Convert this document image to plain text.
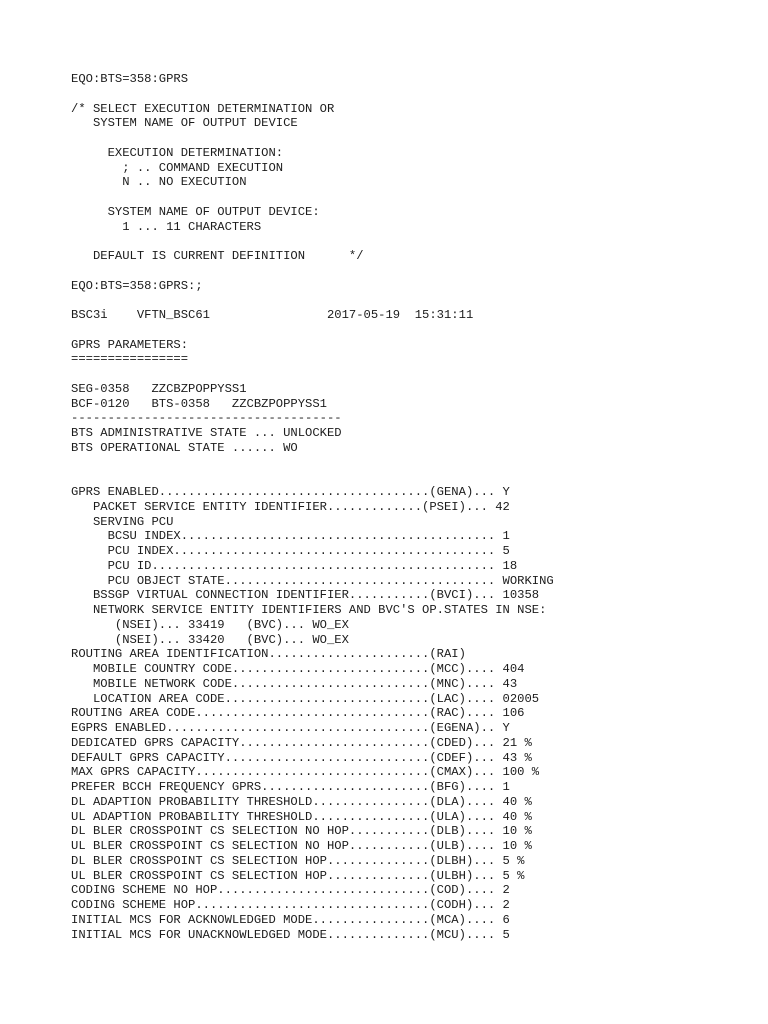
EQO:BTS=358:GPRS
/* SELECT EXECUTION DETERMINATION OR
SYSTEM NAME OF OUTPUT DEVICE
EXECUTION DETERMINATION:
; .. COMMAND EXECUTION
N .. NO EXECUTION
SYSTEM NAME OF OUTPUT DEVICE:
1 ... 11 CHARACTERS
DEFAULT IS CURRENT DEFINITION      */
EQO:BTS=358:GPRS:;
BSC3i    VFTN_BSC61                2017-05-19  15:31:11
GPRS PARAMETERS:
================
SEG-0358   ZZCBZPOPPYSS1
BCF-0120   BTS-0358   ZZCBZPOPPYSS1
-------------------------------------
BTS ADMINISTRATIVE STATE ... UNLOCKED
BTS OPERATIONAL STATE ...... WO
GPRS ENABLED.....................................(GENA)... Y
PACKET SERVICE ENTITY IDENTIFIER.............(PSEI)... 42
SERVING PCU
BCSU INDEX........................................... 1
PCU INDEX............................................ 5
PCU ID............................................... 18
PCU OBJECT STATE..................................... WORKING
BSSGP VIRTUAL CONNECTION IDENTIFIER...........(BVCI)... 10358
NETWORK SERVICE ENTITY IDENTIFIERS AND BVC'S OP.STATES IN NSE:
(NSEI)... 33419   (BVC)... WO_EX
(NSEI)... 33420   (BVC)... WO_EX
ROUTING AREA IDENTIFICATION......................(RAI)
MOBILE COUNTRY CODE...........................(MCC).... 404
MOBILE NETWORK CODE...........................(MNC).... 43
LOCATION AREA CODE............................(LAC).... 02005
ROUTING AREA CODE................................(RAC).... 106
EGPRS ENABLED....................................(EGENA).. Y
DEDICATED GPRS CAPACITY..........................(CDED)... 21 %
DEFAULT GPRS CAPACITY............................(CDEF)... 43 %
MAX GPRS CAPACITY................................(CMAX)... 100 %
PREFER BCCH FREQUENCY GPRS.......................(BFG).... 1
DL ADAPTION PROBABILITY THRESHOLD................(DLA).... 40 %
UL ADAPTION PROBABILITY THRESHOLD................(ULA).... 40 %
DL BLER CROSSPOINT CS SELECTION NO HOP...........(DLB).... 10 %
UL BLER CROSSPOINT CS SELECTION NO HOP...........(ULB).... 10 %
DL BLER CROSSPOINT CS SELECTION HOP..............(DLBH)... 5 %
UL BLER CROSSPOINT CS SELECTION HOP..............(ULBH)... 5 %
CODING SCHEME NO HOP.............................(COD).... 2
CODING SCHEME HOP................................(CODH)... 2
INITIAL MCS FOR ACKNOWLEDGED MODE................(MCA).... 6
INITIAL MCS FOR UNACKNOWLEDGED MODE..............(MCU).... 5
